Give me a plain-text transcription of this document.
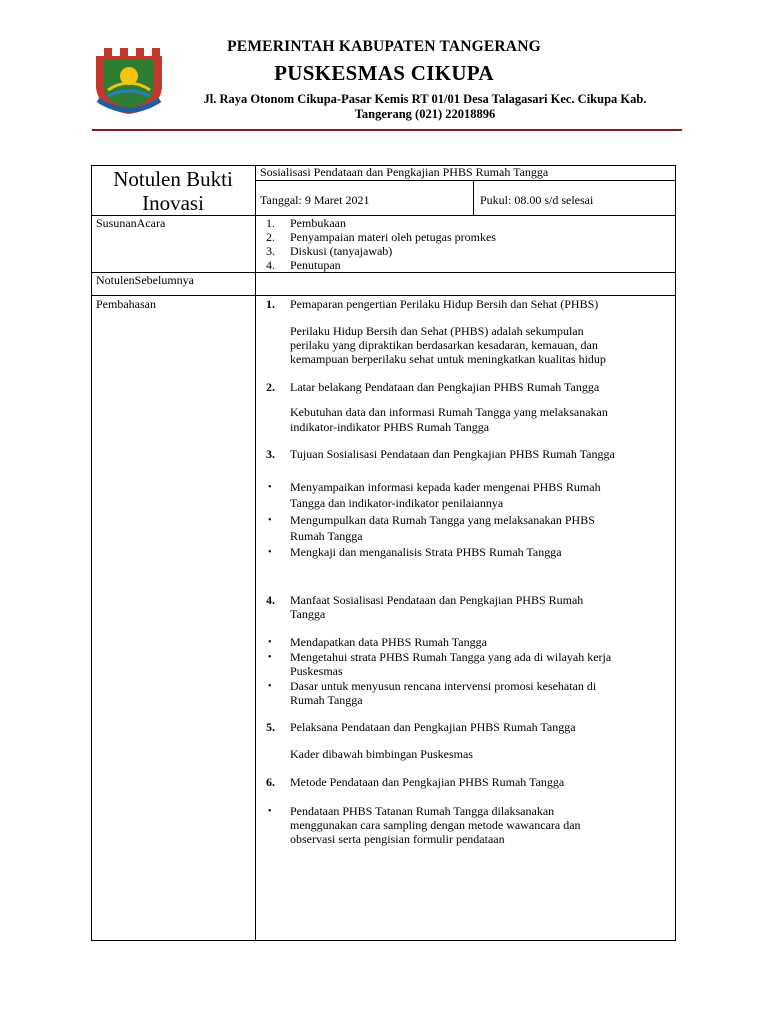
PEMERINTAH KABUPATEN TANGERANG
PUSKESMAS CIKUPA
Jl. Raya Otonom Cikupa-Pasar Kemis RT 01/01 Desa Talagasari Kec. Cikupa Kab.
Tangerang (021) 22018896
Notulen Bukti
Inovasi
Sosialisasi Pendataan dan Pengkajian PHBS Rumah Tangga
Tanggal: 9 Maret 2021	Pukul: 08.00 s/d selesai
SusunanAcara	1. Pembukaan
2. Penyampaian materi oleh petugas promkes
3. Diskusi (tanyajawab)
4. Penutupan
NotulenSebelumnya
Pembahasan	1. Pemaparan pengertian Perilaku Hidup Bersih dan Sehat (PHBS)
Perilaku Hidup Bersih dan Sehat (PHBS) adalah sekumpulan
perilaku yang dipraktikan berdasarkan kesadaran, kemauan, dan
kemampuan berperilaku sehat untuk meningkatkan kualitas hidup
2. Latar belakang Pendataan dan Pengkajian PHBS Rumah Tangga
Kebutuhan data dan informasi Rumah Tangga yang melaksanakan
indikator-indikator PHBS Rumah Tangga
3. Tujuan Sosialisasi Pendataan dan Pengkajian PHBS Rumah Tangga
• Menyampaikan informasi kepada kader mengenai PHBS Rumah
Tangga dan indikator-indikator penilaiannya
• Mengumpulkan data Rumah Tangga yang melaksanakan PHBS
Rumah Tangga
• Mengkaji dan menganalisis Strata PHBS Rumah Tangga
4. Manfaat Sosialisasi Pendataan dan Pengkajian PHBS Rumah
Tangga
• Mendapatkan data PHBS Rumah Tangga
• Mengetahui strata PHBS Rumah Tangga yang ada di wilayah kerja
Puskesmas
• Dasar untuk menyusun rencana intervensi promosi kesehatan di
Rumah Tangga
5. Pelaksana Pendataan dan Pengkajian PHBS Rumah Tangga
Kader dibawah bimbingan Puskesmas
6. Metode Pendataan dan Pengkajian PHBS Rumah Tangga
• Pendataan PHBS Tatanan Rumah Tangga dilaksanakan
menggunakan cara sampling dengan metode wawancara dan
observasi serta pengisian formulir pendataan
